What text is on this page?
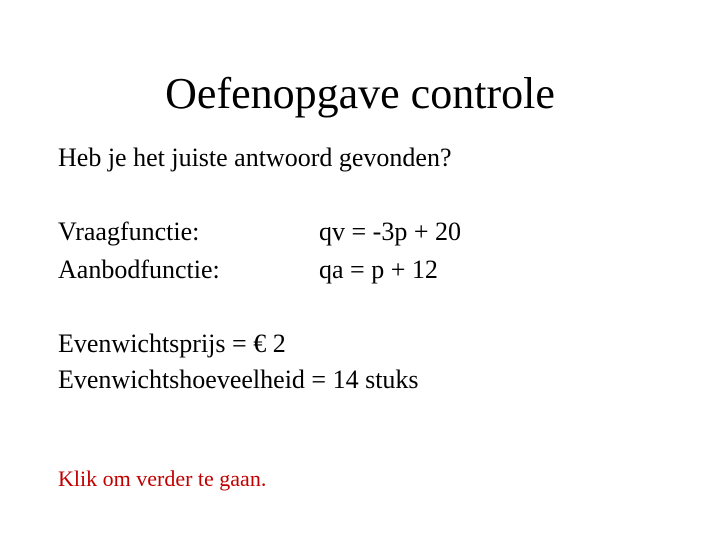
Oefenopgave controle
Heb je het juiste antwoord gevonden?
Vraagfunctie:	qv = -3p + 20
Aanbodfunctie:	qa = p + 12
Evenwichtsprijs = € 2
Evenwichtshoeveelheid = 14 stuks
Klik om verder te gaan.
